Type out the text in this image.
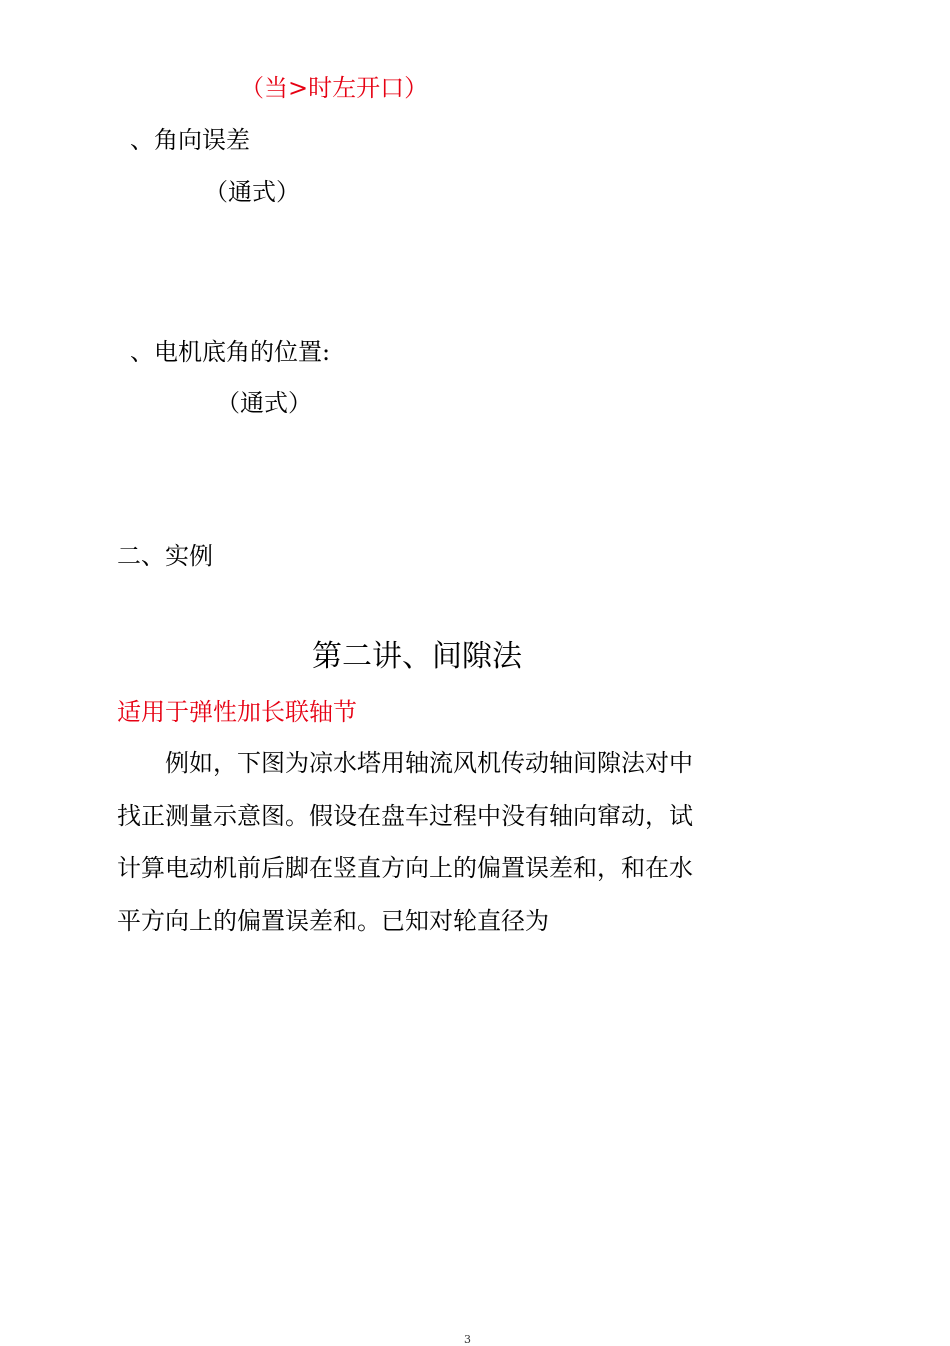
（当>时左开口）
、角向误差
（通式）
、电机底角的位置:
（通式）
二、实例
第二讲、间隙法
适用于弹性加长联轴节
例如，下图为凉水塔用轴流风机传动轴间隙法对中
找正测量示意图。假设在盘车过程中没有轴向窜动，试
计算电动机前后脚在竖直方向上的偏置误差和，和在水
平方向上的偏置误差和。已知对轮直径为
3
